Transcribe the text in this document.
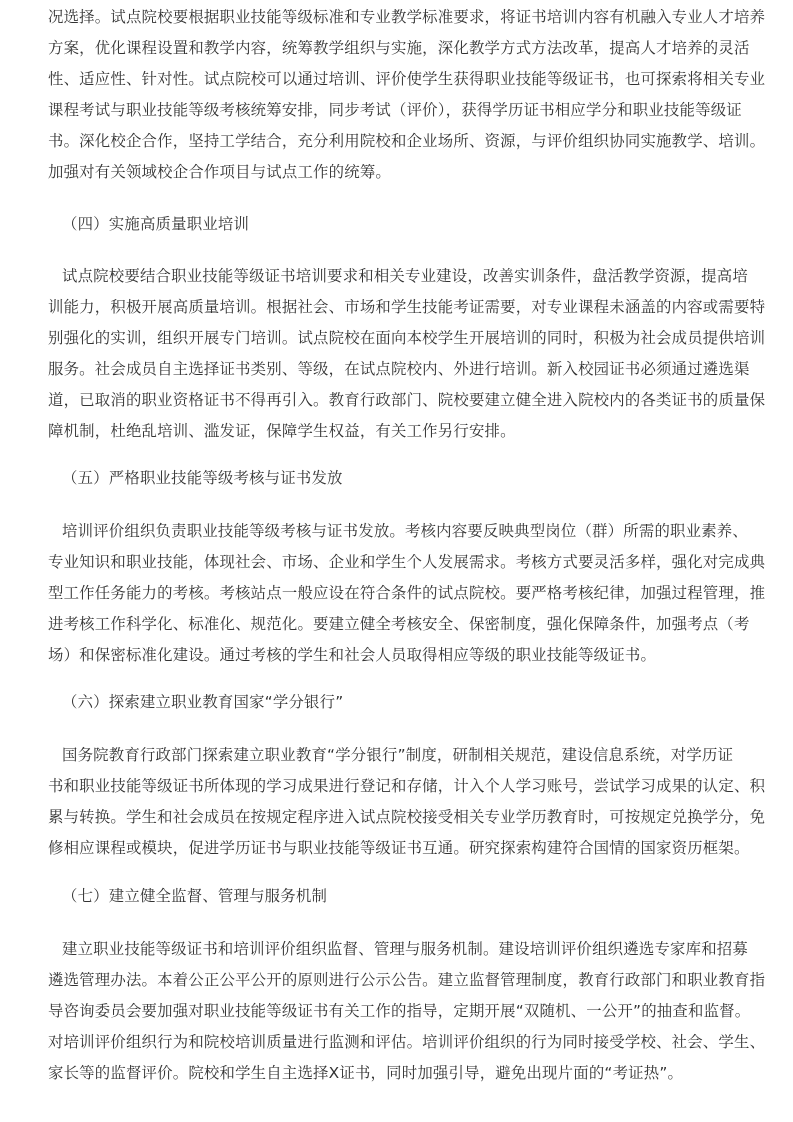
况选择。试点院校要根据职业技能等级标准和专业教学标准要求，将证书培训内容有机融入专业人才培养
方案，优化课程设置和教学内容，统筹教学组织与实施，深化教学方式方法改革，提高人才培养的灵活
性、适应性、针对性。试点院校可以通过培训、评价使学生获得职业技能等级证书，也可探索将相关专业
课程考试与职业技能等级考核统筹安排，同步考试（评价），获得学历证书相应学分和职业技能等级证
书。深化校企合作，坚持工学结合，充分利用院校和企业场所、资源，与评价组织协同实施教学、培训。
加强对有关领域校企合作项目与试点工作的统筹。
（四）实施高质量职业培训
试点院校要结合职业技能等级证书培训要求和相关专业建设，改善实训条件，盘活教学资源，提高培
训能力，积极开展高质量培训。根据社会、市场和学生技能考证需要，对专业课程未涵盖的内容或需要特
别强化的实训，组织开展专门培训。试点院校在面向本校学生开展培训的同时，积极为社会成员提供培训
服务。社会成员自主选择证书类别、等级，在试点院校内、外进行培训。新入校园证书必须通过遴选渠
道，已取消的职业资格证书不得再引入。教育行政部门、院校要建立健全进入院校内的各类证书的质量保
障机制，杜绝乱培训、滥发证，保障学生权益，有关工作另行安排。
（五）严格职业技能等级考核与证书发放
培训评价组织负责职业技能等级考核与证书发放。考核内容要反映典型岗位（群）所需的职业素养、
专业知识和职业技能，体现社会、市场、企业和学生个人发展需求。考核方式要灵活多样，强化对完成典
型工作任务能力的考核。考核站点一般应设在符合条件的试点院校。要严格考核纪律，加强过程管理，推
进考核工作科学化、标准化、规范化。要建立健全考核安全、保密制度，强化保障条件，加强考点（考
场）和保密标准化建设。通过考核的学生和社会人员取得相应等级的职业技能等级证书。
（六）探索建立职业教育国家“学分银行”
国务院教育行政部门探索建立职业教育“学分银行”制度，研制相关规范，建设信息系统，对学历证
书和职业技能等级证书所体现的学习成果进行登记和存储，计入个人学习账号，尝试学习成果的认定、积
累与转换。学生和社会成员在按规定程序进入试点院校接受相关专业学历教育时，可按规定兑换学分，免
修相应课程或模块，促进学历证书与职业技能等级证书互通。研究探索构建符合国情的国家资历框架。
（七）建立健全监督、管理与服务机制
建立职业技能等级证书和培训评价组织监督、管理与服务机制。建设培训评价组织遴选专家库和招募
遴选管理办法。本着公正公平公开的原则进行公示公告。建立监督管理制度，教育行政部门和职业教育指
导咨询委员会要加强对职业技能等级证书有关工作的指导，定期开展“双随机、一公开”的抽查和监督。
对培训评价组织行为和院校培训质量进行监测和评估。培训评价组织的行为同时接受学校、社会、学生、
家长等的监督评价。院校和学生自主选择X证书，同时加强引导，避免出现片面的“考证热”。
